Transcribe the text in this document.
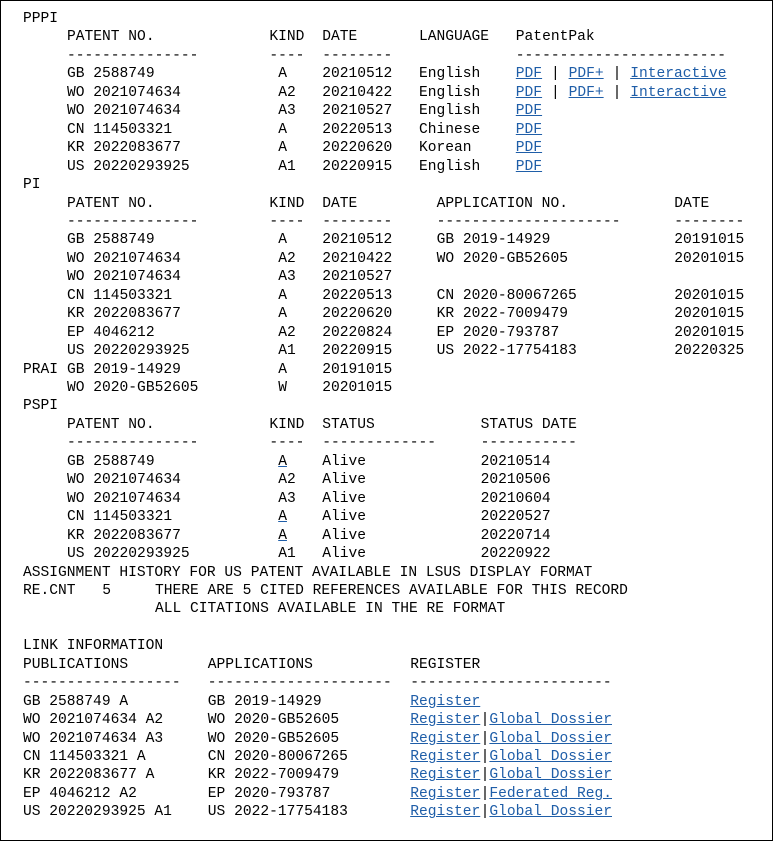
PPPI
PATENT NO.	KIND DATE	LANGUAGE PatentPak
---------------	---- --------	------------------------
GB 2588749	A 20210512 English PDF | PDF+ | Interactive
WO 2021074634	A2 20210422 English PDF | PDF+ | Interactive
WO 2021074634	A3 20210527 English PDF
CN 114503321	A 20220513 Chinese PDF
KR 2022083677	A 20220620 Korean	PDF
US 20220293925	A1 20220915 English PDF
PI
PATENT NO.	KIND DATE	APPLICATION NO.	DATE
---------------	---- --------	---------------------	--------
GB 2588749	A 20210512	GB 2019-14929	20191015
WO 2021074634	A2 20210422	WO 2020-GB52605	20201015
WO 2021074634	A3 20210527
CN 114503321	A 20220513	CN 2020-80067265	20201015
KR 2022083677	A 20220620	KR 2022-7009479	20201015
EP 4046212	A2 20220824	EP 2020-793787	20201015
US 20220293925	A1 20220915	US 2022-17754183	20220325
PRAI GB 2019-14929	A 20191015
WO 2020-GB52605	W 20201015
PSPI
PATENT NO.	KIND STATUS	STATUS DATE
---------------	---- -------------	-----------
GB 2588749	A Alive	20210514
WO 2021074634	A2 Alive	20210506
WO 2021074634	A3 Alive	20210604
CN 114503321	A Alive	20220527
KR 2022083677	A Alive	20220714
US 20220293925	A1 Alive	20220922
ASSIGNMENT HISTORY FOR US PATENT AVAILABLE IN LSUS DISPLAY FORMAT
RE.CNT 5	THERE ARE 5 CITED REFERENCES AVAILABLE FOR THIS RECORD
ALL CITATIONS AVAILABLE IN THE RE FORMAT
LINK INFORMATION
PUBLICATIONS	APPLICATIONS	REGISTER
------------------ --------------------- -----------------------
GB 2588749 A	GB 2019-14929	Register
WO 2021074634 A2	WO 2020-GB52605	Register | Global Dossier
WO 2021074634 A3	WO 2020-GB52605	Register | Global Dossier
CN 114503321 A	CN 2020-80067265	Register | Global Dossier
KR 2022083677 A	KR 2022-7009479	Register | Global Dossier
EP 4046212 A2	EP 2020-793787	Register | Federated Reg.
US 20220293925 A1 US 2022-17754183	Register | Global Dossier
